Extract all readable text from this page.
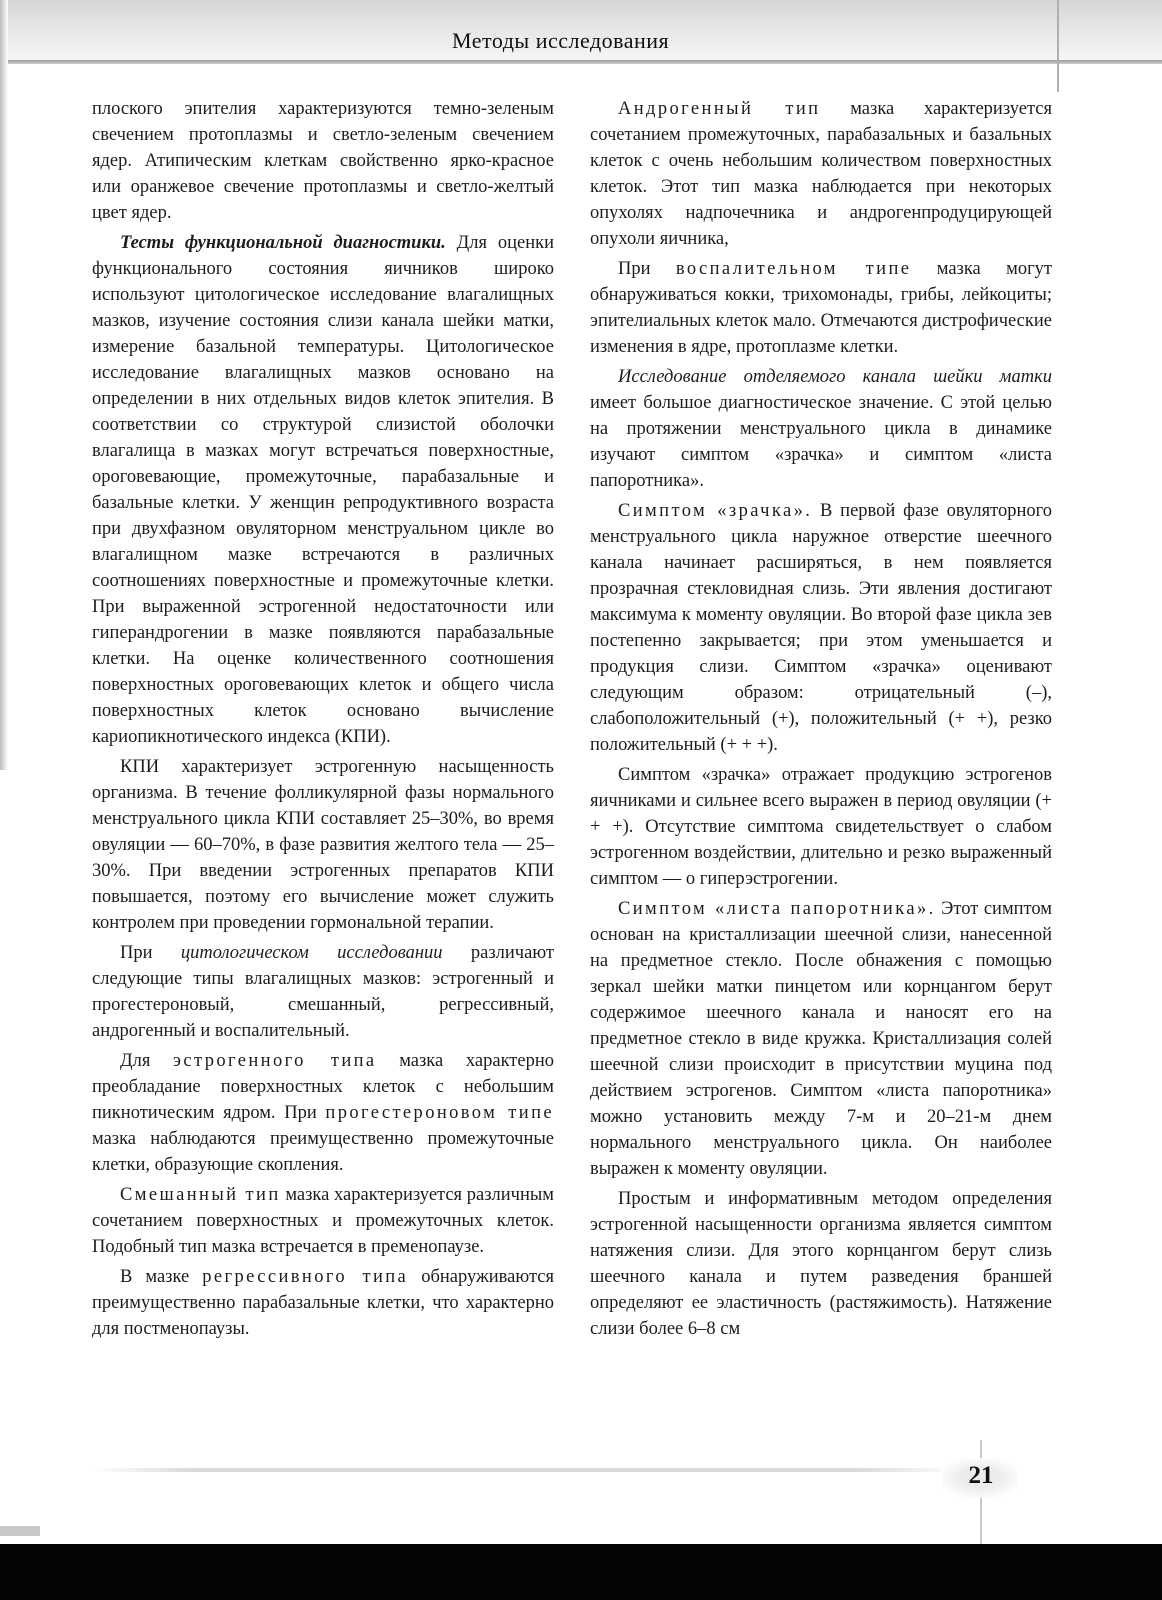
Методы исследования

плоского эпителия характеризуются темно-зеленым свечением протоплазмы и светло-зеленым свечением ядер. Атипическим клеткам свойственно ярко-красное или оранжевое свечение протоплазмы и светло-желтый цвет ядер.

Тесты функциональной диагностики. Для оценки функционального состояния яичников широко используют цитологическое исследование влагалищных мазков, изучение состояния слизи канала шейки матки, измерение базальной температуры. Цитологическое исследование влагалищных мазков основано на определении в них отдельных видов клеток эпителия. В соответствии со структурой слизистой оболочки влагалища в мазках могут встречаться поверхностные, ороговевающие, промежуточные, парабазальные и базальные клетки. У женщин репродуктивного возраста при двухфазном овуляторном менструальном цикле во влагалищном мазке встречаются в различных соотношениях поверхностные и промежуточные клетки. При выраженной эстрогенной недостаточности или гиперандрогении в мазке появляются парабазальные клетки. На оценке количественного соотношения поверхностных ороговевающих клеток и общего числа поверхностных клеток основано вычисление кариопикнотического индекса (КПИ).

КПИ характеризует эстрогенную насыщенность организма. В течение фолликулярной фазы нормального менструального цикла КПИ составляет 25–30%, во время овуляции — 60–70%, в фазе развития желтого тела — 25–30%. При введении эстрогенных препаратов КПИ повышается, поэтому его вычисление может служить контролем при проведении гормональной терапии.

При цитологическом исследовании различают следующие типы влагалищных мазков: эстрогенный и прогестероновый, смешанный, регрессивный, андрогенный и воспалительный.

Для эстрогенного типа мазка характерно преобладание поверхностных клеток с небольшим пикнотическим ядром. При прогестероновом типе мазка наблюдаются преимущественно промежуточные клетки, образующие скопления.

Смешанный тип мазка характеризуется различным сочетанием поверхностных и промежуточных клеток. Подобный тип мазка встречается в пременопаузе.

В мазке регрессивного типа обнаруживаются преимущественно парабазальные клетки, что характерно для постменопаузы.

Андрогенный тип мазка характеризуется сочетанием промежуточных, парабазальных и базальных клеток с очень небольшим количеством поверхностных клеток. Этот тип мазка наблюдается при некоторых опухолях надпочечника и андрогенпродуцирующей опухоли яичника,

При воспалительном типе мазка могут обнаруживаться кокки, трихомонады, грибы, лейкоциты; эпителиальных клеток мало. Отмечаются дистрофические изменения в ядре, протоплазме клетки.

Исследование отделяемого канала шейки матки имеет большое диагностическое значение. С этой целью на протяжении менструального цикла в динамике изучают симптом «зрачка» и симптом «листа папоротника».

Симптом «зрачка». В первой фазе овуляторного менструального цикла наружное отверстие шеечного канала начинает расширяться, в нем появляется прозрачная стекловидная слизь. Эти явления достигают максимума к моменту овуляции. Во второй фазе цикла зев постепенно закрывается; при этом уменьшается и продукция слизи. Симптом «зрачка» оценивают следующим образом: отрицательный (–), слабоположительный (+), положительный (+ +), резко положительный (+ + +).

Симптом «зрачка» отражает продукцию эстрогенов яичниками и сильнее всего выражен в период овуляции (+ + +). Отсутствие симптома свидетельствует о слабом эстрогенном воздействии, длительно и резко выраженный симптом — о гиперэстрогении.

Симптом «листа папоротника». Этот симптом основан на кристаллизации шеечной слизи, нанесенной на предметное стекло. После обнажения с помощью зеркал шейки матки пинцетом или корнцангом берут содержимое шеечного канала и наносят его на предметное стекло в виде кружка. Кристаллизация солей шеечной слизи происходит в присутствии муцина под действием эстрогенов. Симптом «листа папоротника» можно установить между 7-м и 20–21-м днем нормального менструального цикла. Он наиболее выражен к моменту овуляции.

Простым и информативным методом определения эстрогенной насыщенности организма является симптом натяжения слизи. Для этого корнцангом берут слизь шеечного канала и путем разведения браншей определяют ее эластичность (растяжимость). Натяжение слизи более 6–8 см

21
